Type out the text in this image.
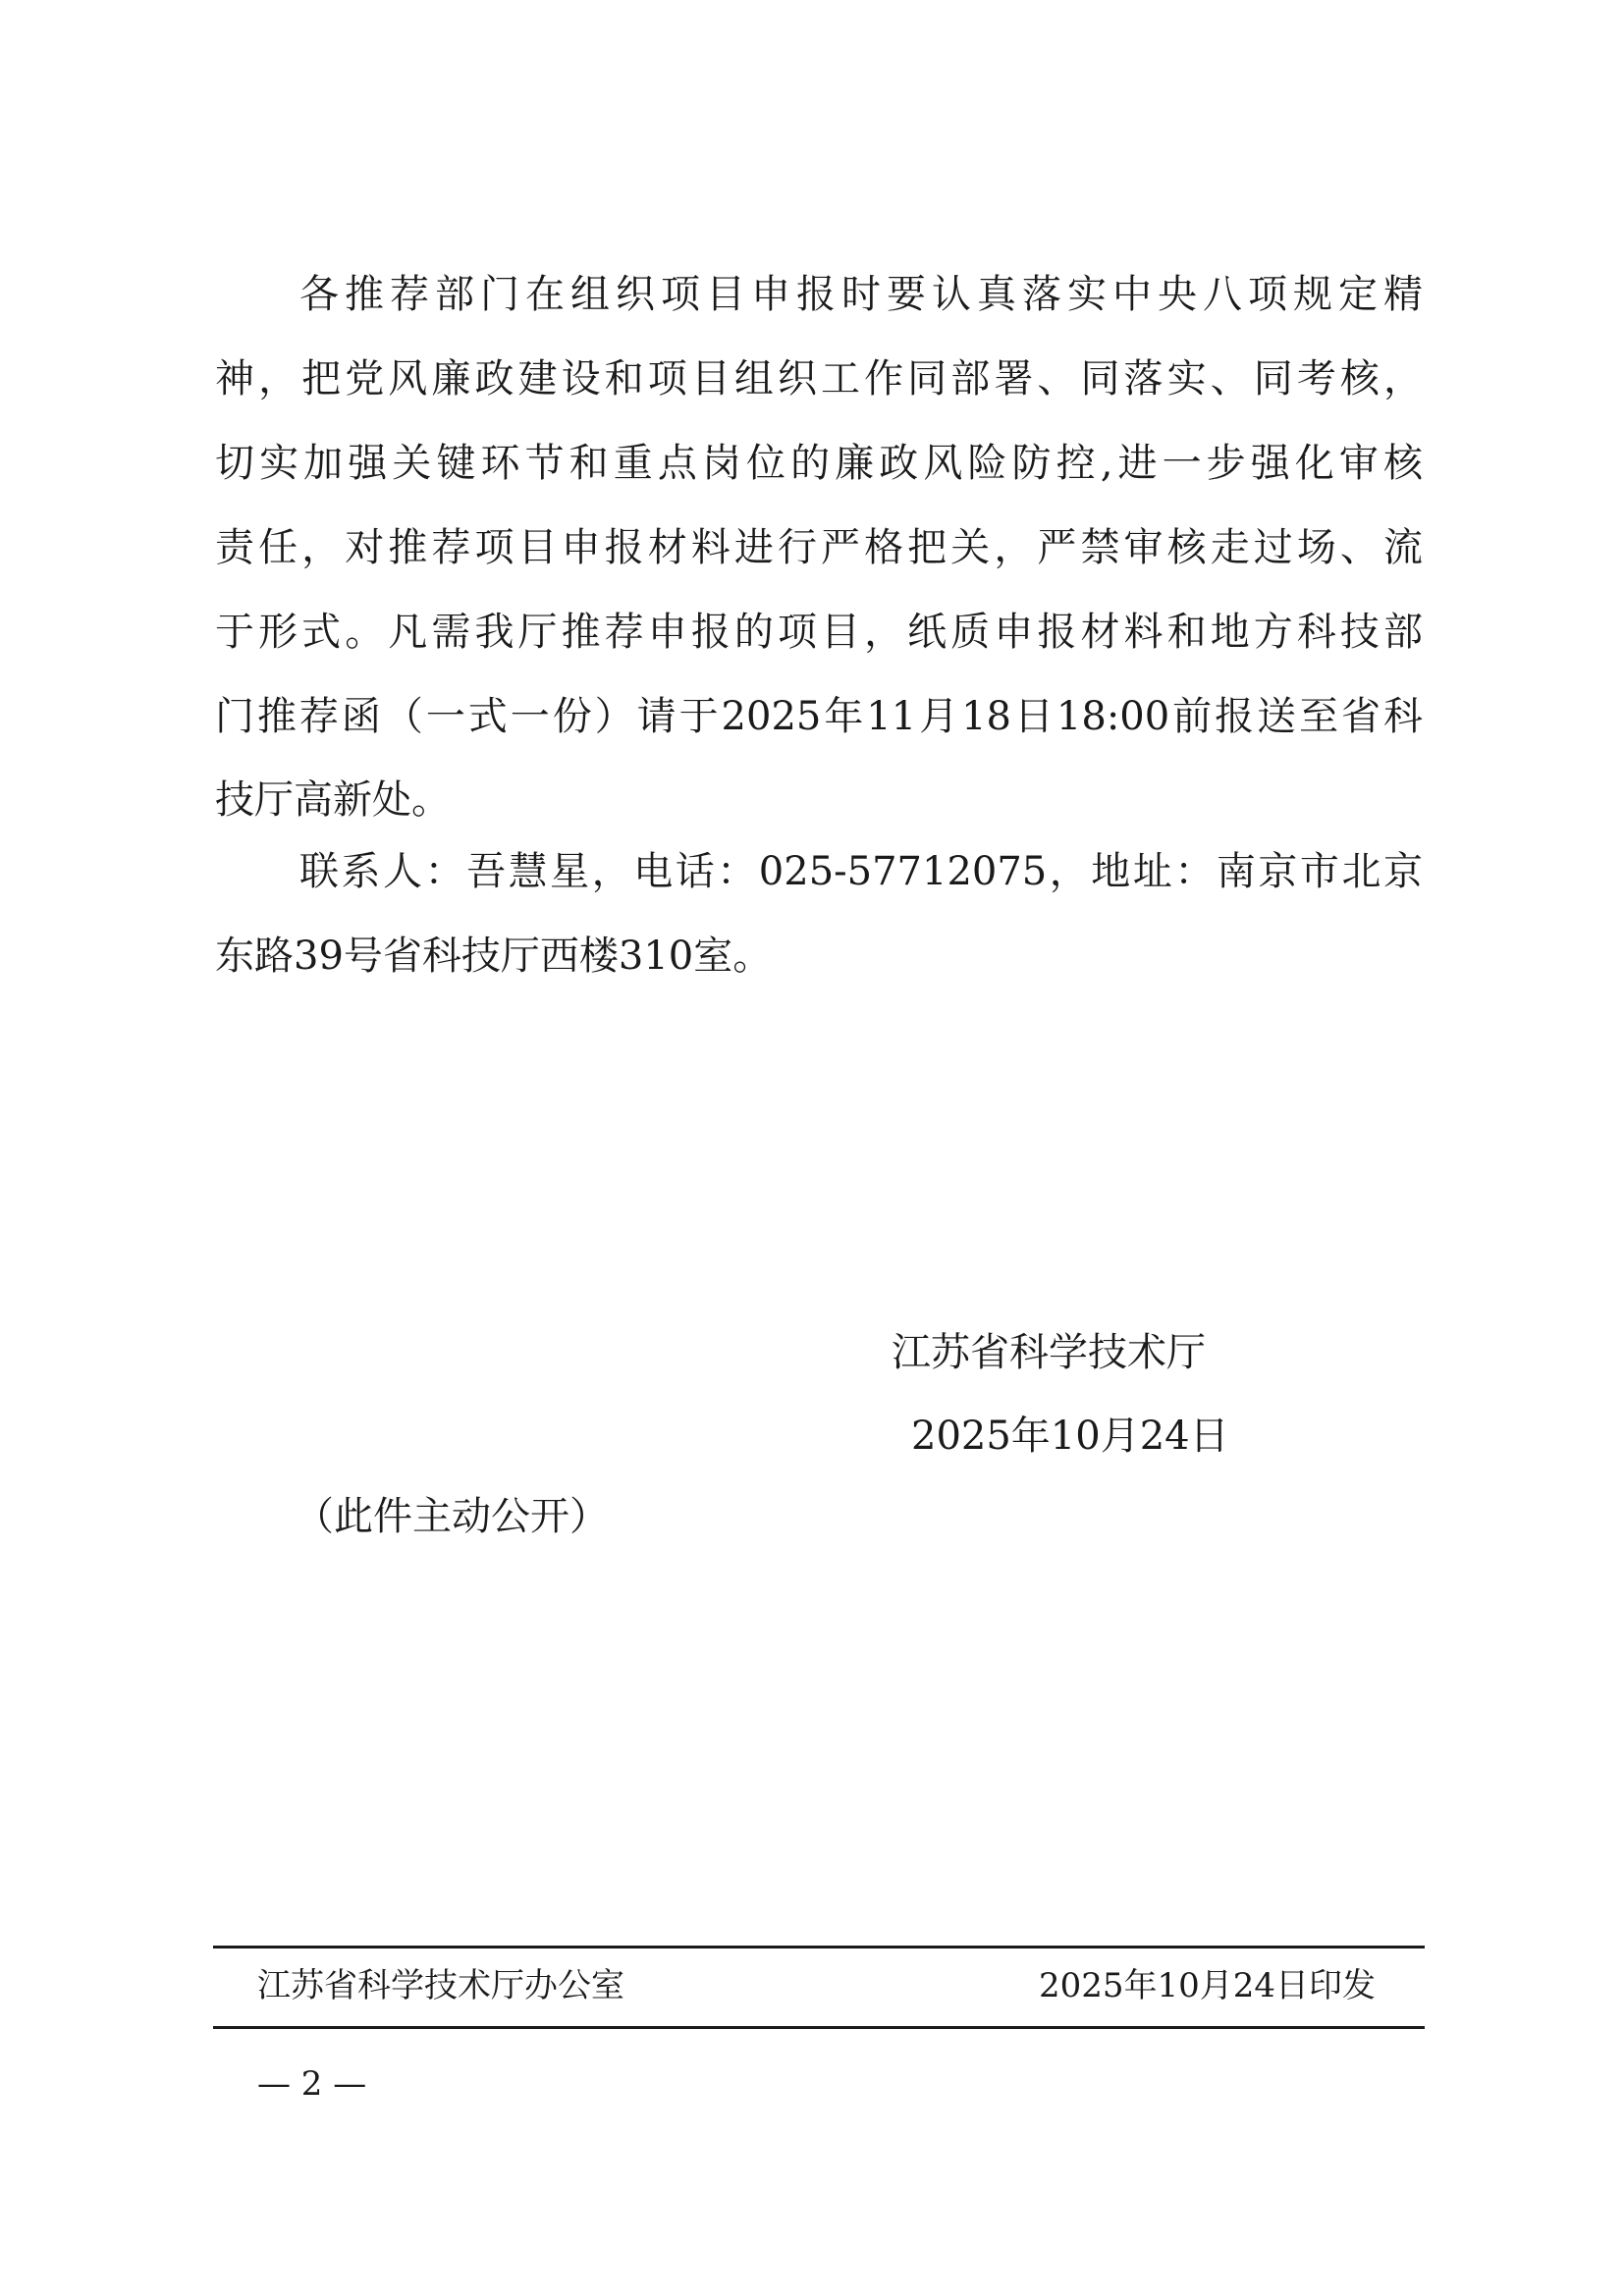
各推荐部门在组织项目申报时要认真落实中央八项规定精
神，把党风廉政建设和项目组织工作同部署、同落实、同考核，
切实加强关键环节和重点岗位的廉政风险防控,进一步强化审核
责任，对推荐项目申报材料进行严格把关，严禁审核走过场、流
于形式。凡需我厅推荐申报的项目，纸质申报材料和地方科技部
门推荐函（一式一份）请于2025年11月18日18:00前报送至省科
技厅高新处。
联系人：吾慧星，电话：025-57712075，地址：南京市北京
东路39号省科技厅西楼310室。
江苏省科学技术厅
2025年10月24日
（此件主动公开）
江苏省科学技术厅办公室	2025年10月24日印发
— 2 —
